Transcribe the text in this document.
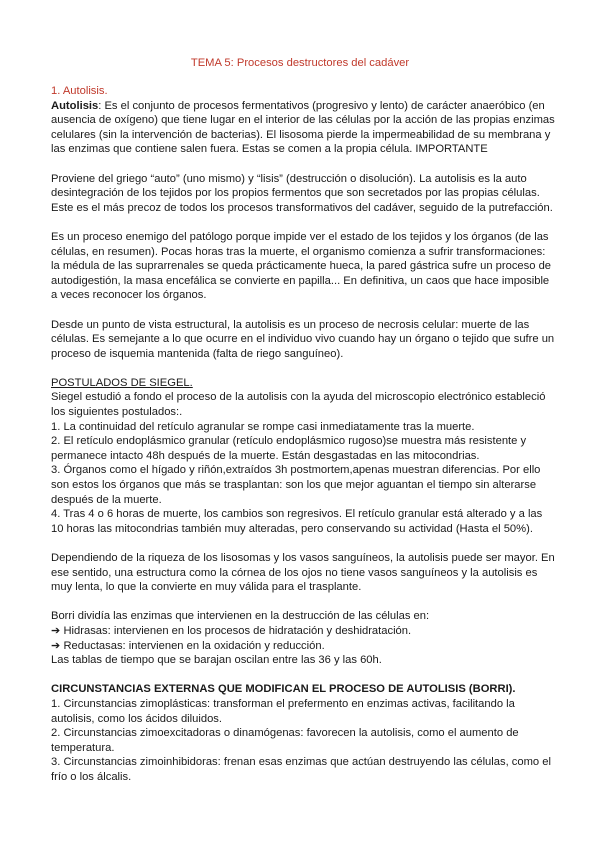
TEMA 5: Procesos destructores del cadáver

1. Autolisis.

Autolisis: Es el conjunto de procesos fermentativos (progresivo y lento) de carácter anaeróbico (en ausencia de oxígeno) que tiene lugar en el interior de las células por la acción de las propias enzimas celulares (sin la intervención de bacterias). El lisosoma pierde la impermeabilidad de su membrana y las enzimas que contiene salen fuera. Estas se comen a la propia célula. IMPORTANTE

Proviene del griego “auto” (uno mismo) y “lisis” (destrucción o disolución). La autolisis es la auto desintegración de los tejidos por los propios fermentos que son secretados por las propias células. Este es el más precoz de todos los procesos transformativos del cadáver, seguido de la putrefacción.

Es un proceso enemigo del patólogo porque impide ver el estado de los tejidos y los órganos (de las células, en resumen). Pocas horas tras la muerte, el organismo comienza a sufrir transformaciones: la médula de las suprarrenales se queda prácticamente hueca, la pared gástrica sufre un proceso de autodigestión, la masa encefálica se convierte en papilla... En definitiva, un caos que hace imposible a veces reconocer los órganos.

Desde un punto de vista estructural, la autolisis es un proceso de necrosis celular: muerte de las células. Es semejante a lo que ocurre en el individuo vivo cuando hay un órgano o tejido que sufre un proceso de isquemia mantenida (falta de riego sanguíneo).

POSTULADOS DE SIEGEL.

Siegel estudió a fondo el proceso de la autolisis con la ayuda del microscopio electrónico estableció los siguientes postulados:.

1. La continuidad del retículo agranular se rompe casi inmediatamente tras la muerte.

2. El retículo endoplásmico granular (retículo endoplásmico rugoso)se muestra más resistente y permanece intacto 48h después de la muerte. Están desgastadas en las mitocondrias.

3. Órganos como el hígado y riñón,extraídos 3h postmortem,apenas muestran diferencias. Por ello son estos los órganos que más se trasplantan: son los que mejor aguantan el tiempo sin alterarse después de la muerte.

4. Tras 4 o 6 horas de muerte, los cambios son regresivos. El retículo granular está alterado y a las 10 horas las mitocondrias también muy alteradas, pero conservando su actividad (Hasta el 50%).

Dependiendo de la riqueza de los lisosomas y los vasos sanguíneos, la autolisis puede ser mayor. En ese sentido, una estructura como la córnea de los ojos no tiene vasos sanguíneos y la autolisis es muy lenta, lo que la convierte en muy válida para el trasplante.

Borri dividía las enzimas que intervienen en la destrucción de las células en:

➔ Hidrasas: intervienen en los procesos de hidratación y deshidratación.

➔ Reductasas: intervienen en la oxidación y reducción.

Las tablas de tiempo que se barajan oscilan entre las 36 y las 60h.

CIRCUNSTANCIAS EXTERNAS QUE MODIFICAN EL PROCESO DE AUTOLISIS (BORRI).

1. Circunstancias zimoplásticas: transforman el prefermento en enzimas activas, facilitando la autolisis, como los ácidos diluidos.

2. Circunstancias zimoexcitadoras o dinamógenas: favorecen la autolisis, como el aumento de temperatura.

3. Circunstancias zimoinhibidoras: frenan esas enzimas que actúan destruyendo las células, como el frío o los álcalis.
